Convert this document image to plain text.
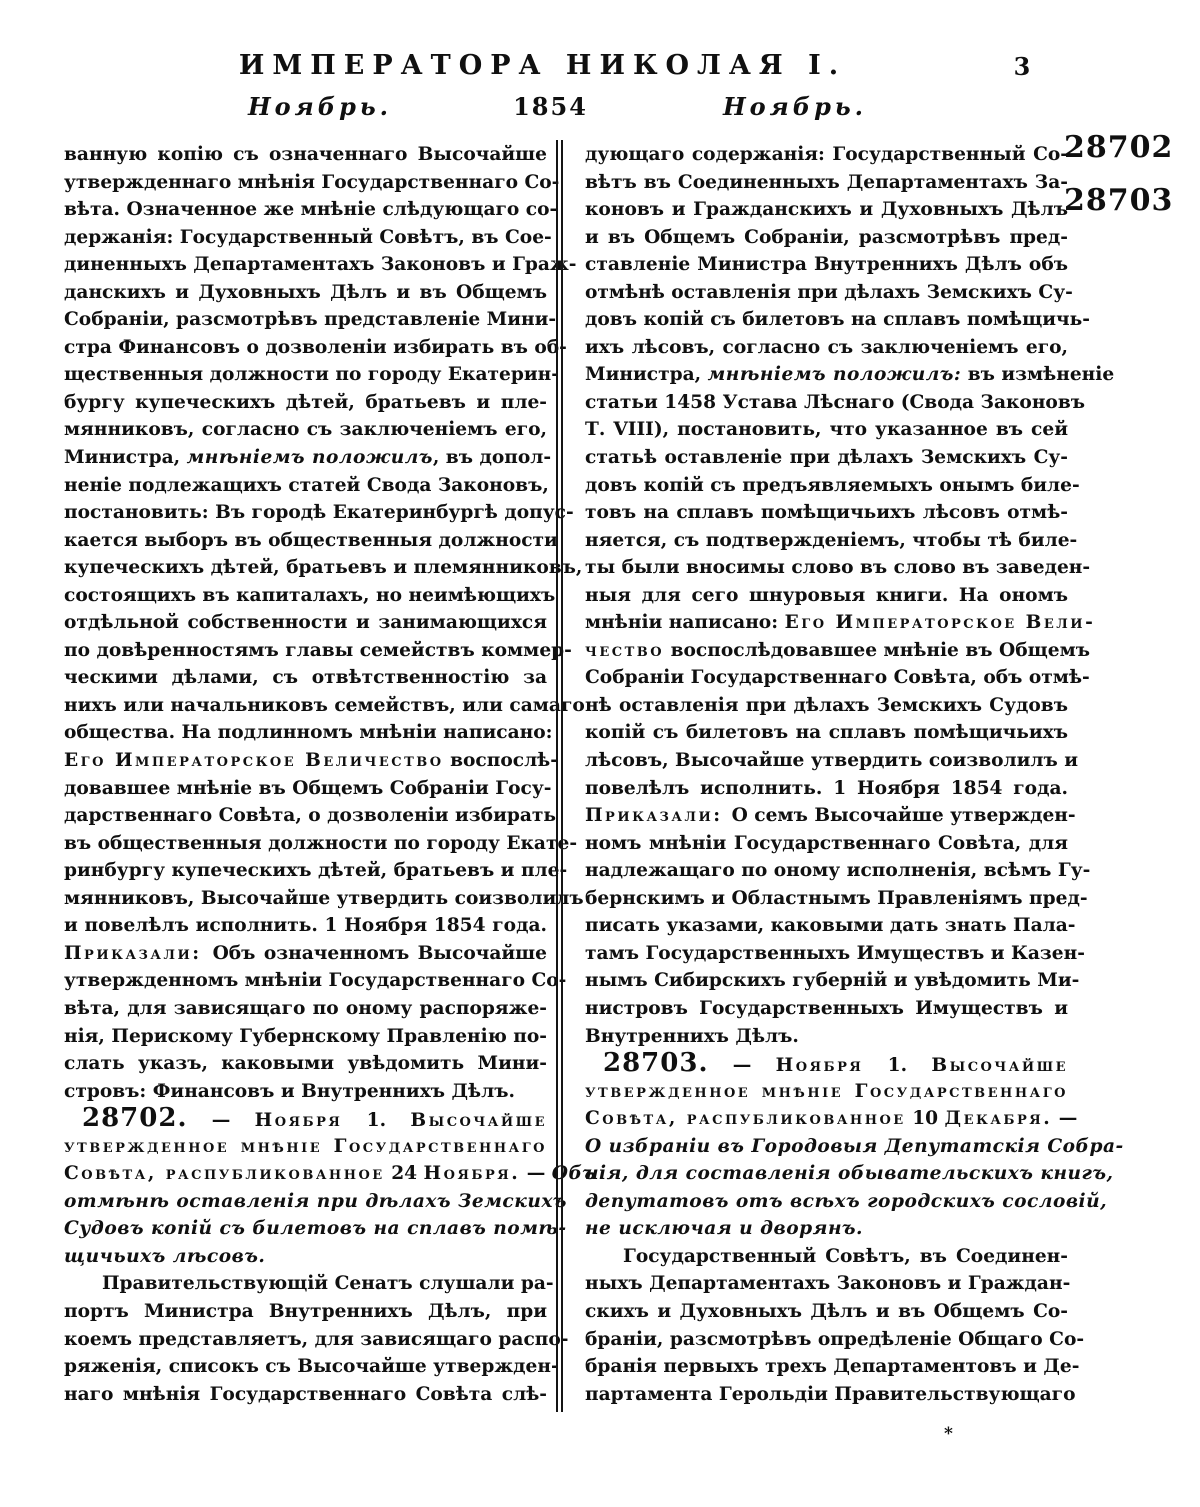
ИМПЕРАТОРА НИКОЛАЯ I.	3
Ноябрь.	1854	Ноябрь.
ванную копію съ означеннаго Высочайше
утвержденнаго мнѣнія Государственнаго Со-
вѣта. Означенное же мнѣніе слѣдующаго со-
держанія: Государственный Совѣтъ, въ Сое-
диненныхъ Департаментахъ Законовъ и Граж-
данскихъ и Духовныхъ Дѣлъ и въ Общемъ
Собраніи, разсмотрѣвъ представленіе Мини-
стра Финансовъ о дозволеніи избирать въ об-
щественныя должности по городу Екатерин-
бургу купеческихъ дѣтей, братьевъ и пле-
мянниковъ, согласно съ заключеніемъ его,
Министра, мнѣніемъ положилъ, въ допол-
неніе подлежащихъ статей Свода Законовъ,
постановить: Въ городѣ Екатеринбургѣ допус-
кается выборъ въ общественныя должности
купеческихъ дѣтей, братьевъ и племянниковъ,
состоящихъ въ капиталахъ, но неимѣющихъ
отдѣльной собственности и занимающихся
по довѣренностямъ главы семействъ коммер-
ческими дѣлами, съ отвѣтственностію за
нихъ или начальниковъ семействъ, или самаго
общества. На подлинномъ мнѣніи написано:
Его Императорское Величество воспослѣ-
довавшее мнѣніе въ Общемъ Собраніи Госу-
дарственнаго Совѣта, о дозволеніи избирать
въ общественныя должности по городу Екате-
ринбургу купеческихъ дѣтей, братьевъ и пле-
мянниковъ, Высочайше утвердить соизволилъ
и повелѣлъ исполнить. 1 Ноября 1854 года.
Приказали: Объ означенномъ Высочайше
утвержденномъ мнѣніи Государственнаго Со-
вѣта, для зависящаго по оному распоряже-
нія, Перискому Губернскому Правленію по-
слать указъ, каковыми увѣдомить Мини-
стровъ: Финансовъ и Внутреннихъ Дѣлъ.
28702. — Ноября 1. Высочайше
утвержденное мнѣніе Государственнаго
Совѣта, распубликованное 24 Ноября. — Объ
отмѣнѣ оставленія при дѣлахъ Земскихъ
Судовъ копій съ билетовъ на сплавъ помѣ-
щичьихъ лѣсовъ.
Правительствующій Сенатъ слушали ра-
портъ Министра Внутреннихъ Дѣлъ, при
коемъ представляетъ, для зависящаго распо-
ряженія, списокъ съ Высочайше утвержден-
наго мнѣнія Государственнаго Совѣта слѣ-
дующаго содержанія: Государственный Со-
вѣтъ въ Соединенныхъ Департаментахъ За-
коновъ и Гражданскихъ и Духовныхъ Дѣлъ
и въ Общемъ Собраніи, разсмотрѣвъ пред-
ставленіе Министра Внутреннихъ Дѣлъ объ
отмѣнѣ оставленія при дѣлахъ Земскихъ Су-
довъ копій съ билетовъ на сплавъ помѣщичь-
ихъ лѣсовъ, согласно съ заключеніемъ его,
Министра, мнѣніемъ положилъ: въ измѣненіе
статьи 1458 Устава Лѣснаго (Свода Законовъ
Т. VIII), постановить, что указанное въ сей
статьѣ оставленіе при дѣлахъ Земскихъ Су-
довъ копій съ предъявляемыхъ онымъ биле-
товъ на сплавъ помѣщичьихъ лѣсовъ отмѣ-
няется, съ подтвержденіемъ, чтобы тѣ биле-
ты были вносимы слово въ слово въ заведен-
ныя для сего шнуровыя книги. На ономъ
мнѣніи написано: Его Императорское Вели-
чество воспослѣдовавшее мнѣніе въ Общемъ
Собраніи Государственнаго Совѣта, объ отмѣ-
нѣ оставленія при дѣлахъ Земскихъ Судовъ
копій съ билетовъ на сплавъ помѣщичьихъ
лѣсовъ, Высочайше утвердить соизволилъ и
повелѣлъ исполнить. 1 Ноября 1854 года.
Приказали: О семъ Высочайше утвержден-
номъ мнѣніи Государственнаго Совѣта, для
надлежащаго по оному исполненія, всѣмъ Гу-
бернскимъ и Областнымъ Правленіямъ пред-
писать указами, каковыми дать знать Пала-
тамъ Государственныхъ Имуществъ и Казен-
нымъ Сибирскихъ губерній и увѣдомить Ми-
нистровъ Государственныхъ Имуществъ и
Внутреннихъ Дѣлъ.
28703. — Ноября 1. Высочайше
утвержденное мнѣніе Государственнаго
Совѣта, распубликованное 10 Декабря. —
О избраніи въ Городовыя Депутатскія Собра-
нія, для составленія обывательскихъ книгъ,
депутатовъ отъ всѣхъ городскихъ сословій,
не исключая и дворянъ.
Государственный Совѣтъ, въ Соединен-
ныхъ Департаментахъ Законовъ и Граждан-
скихъ и Духовныхъ Дѣлъ и въ Общемъ Со-
браніи, разсмотрѣвъ опредѣленіе Общаго Со-
бранія первыхъ трехъ Департаментовъ и Де-
партамента Герольдіи Правительствующаго
28702
28703
*
